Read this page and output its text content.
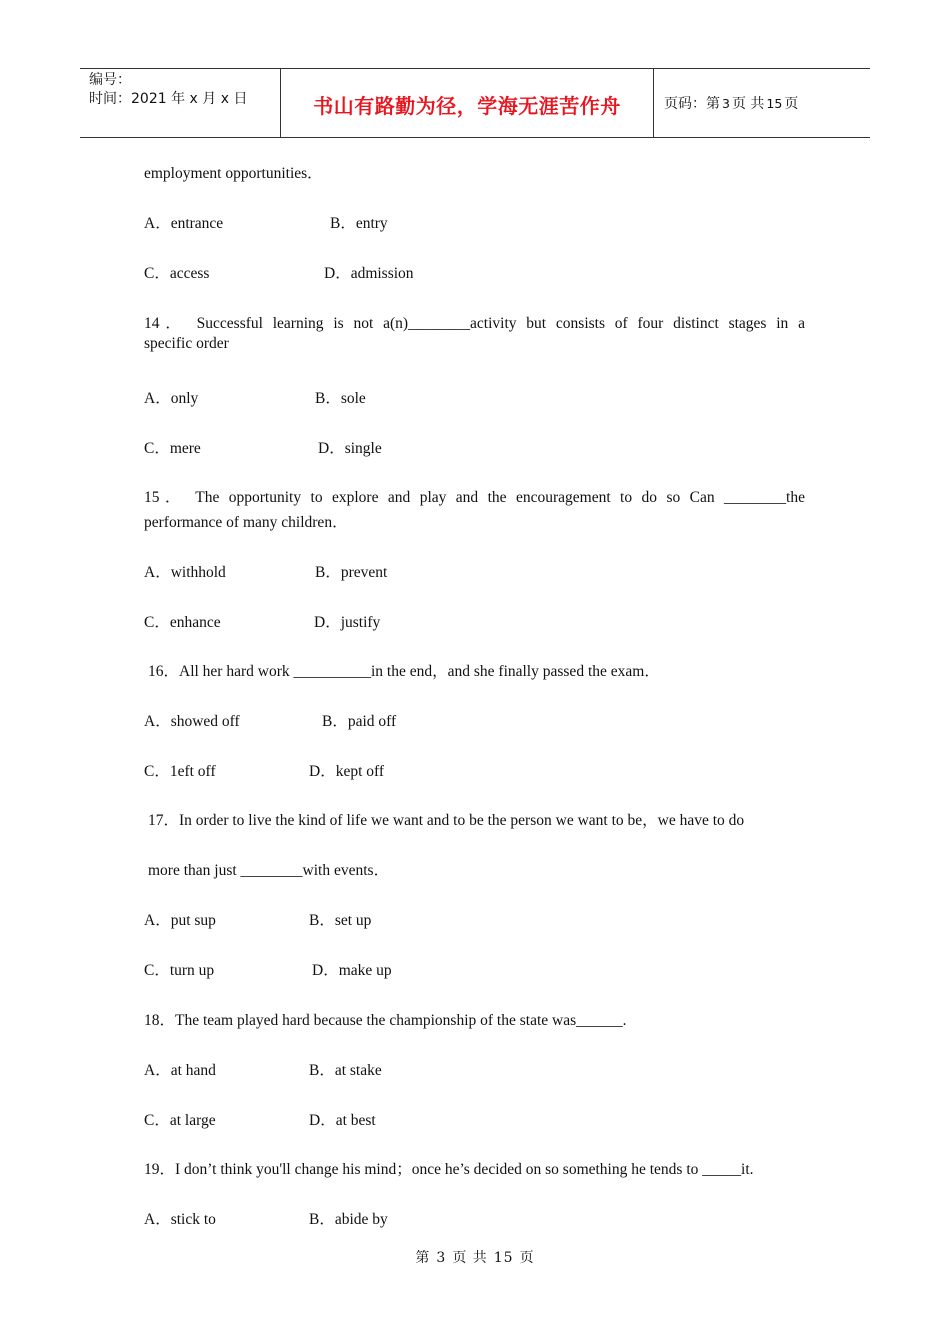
编号：
时间：2021 年 x 月 x 日	书山有路勤为径，学海无涯苦作舟	页码：第 3 页 共 15 页
employment opportunities．
A．entrance	B．entry
C．access	D．admission
14． Successful learning is not a(n)________activity but consists of four distinct stages in a
specific order
A．only	B．sole
C．mere	D．single
15． The opportunity to explore and play and the encouragement to do so Can ________the
performance of many children．
A．withhold	B．prevent
C．enhance	D．justify
16．All her hard work __________in the end，and she finally passed the exam．
A．showed off	B．paid off
C．1eft off	D．kept off
17．In order to live the kind of life we want and to be the person we want to be，we have to do
more than just ________with events．
A．put sup	B．set up
C．turn up	D．make up
18．The team played hard because the championship of the state was______.
A．at hand	B．at stake
C．at large	D．at best
19．I don’t think you'll change his mind；once he’s decided on so something he tends to _____it.
A．stick to	B．abide by
第 3 页 共 15 页
